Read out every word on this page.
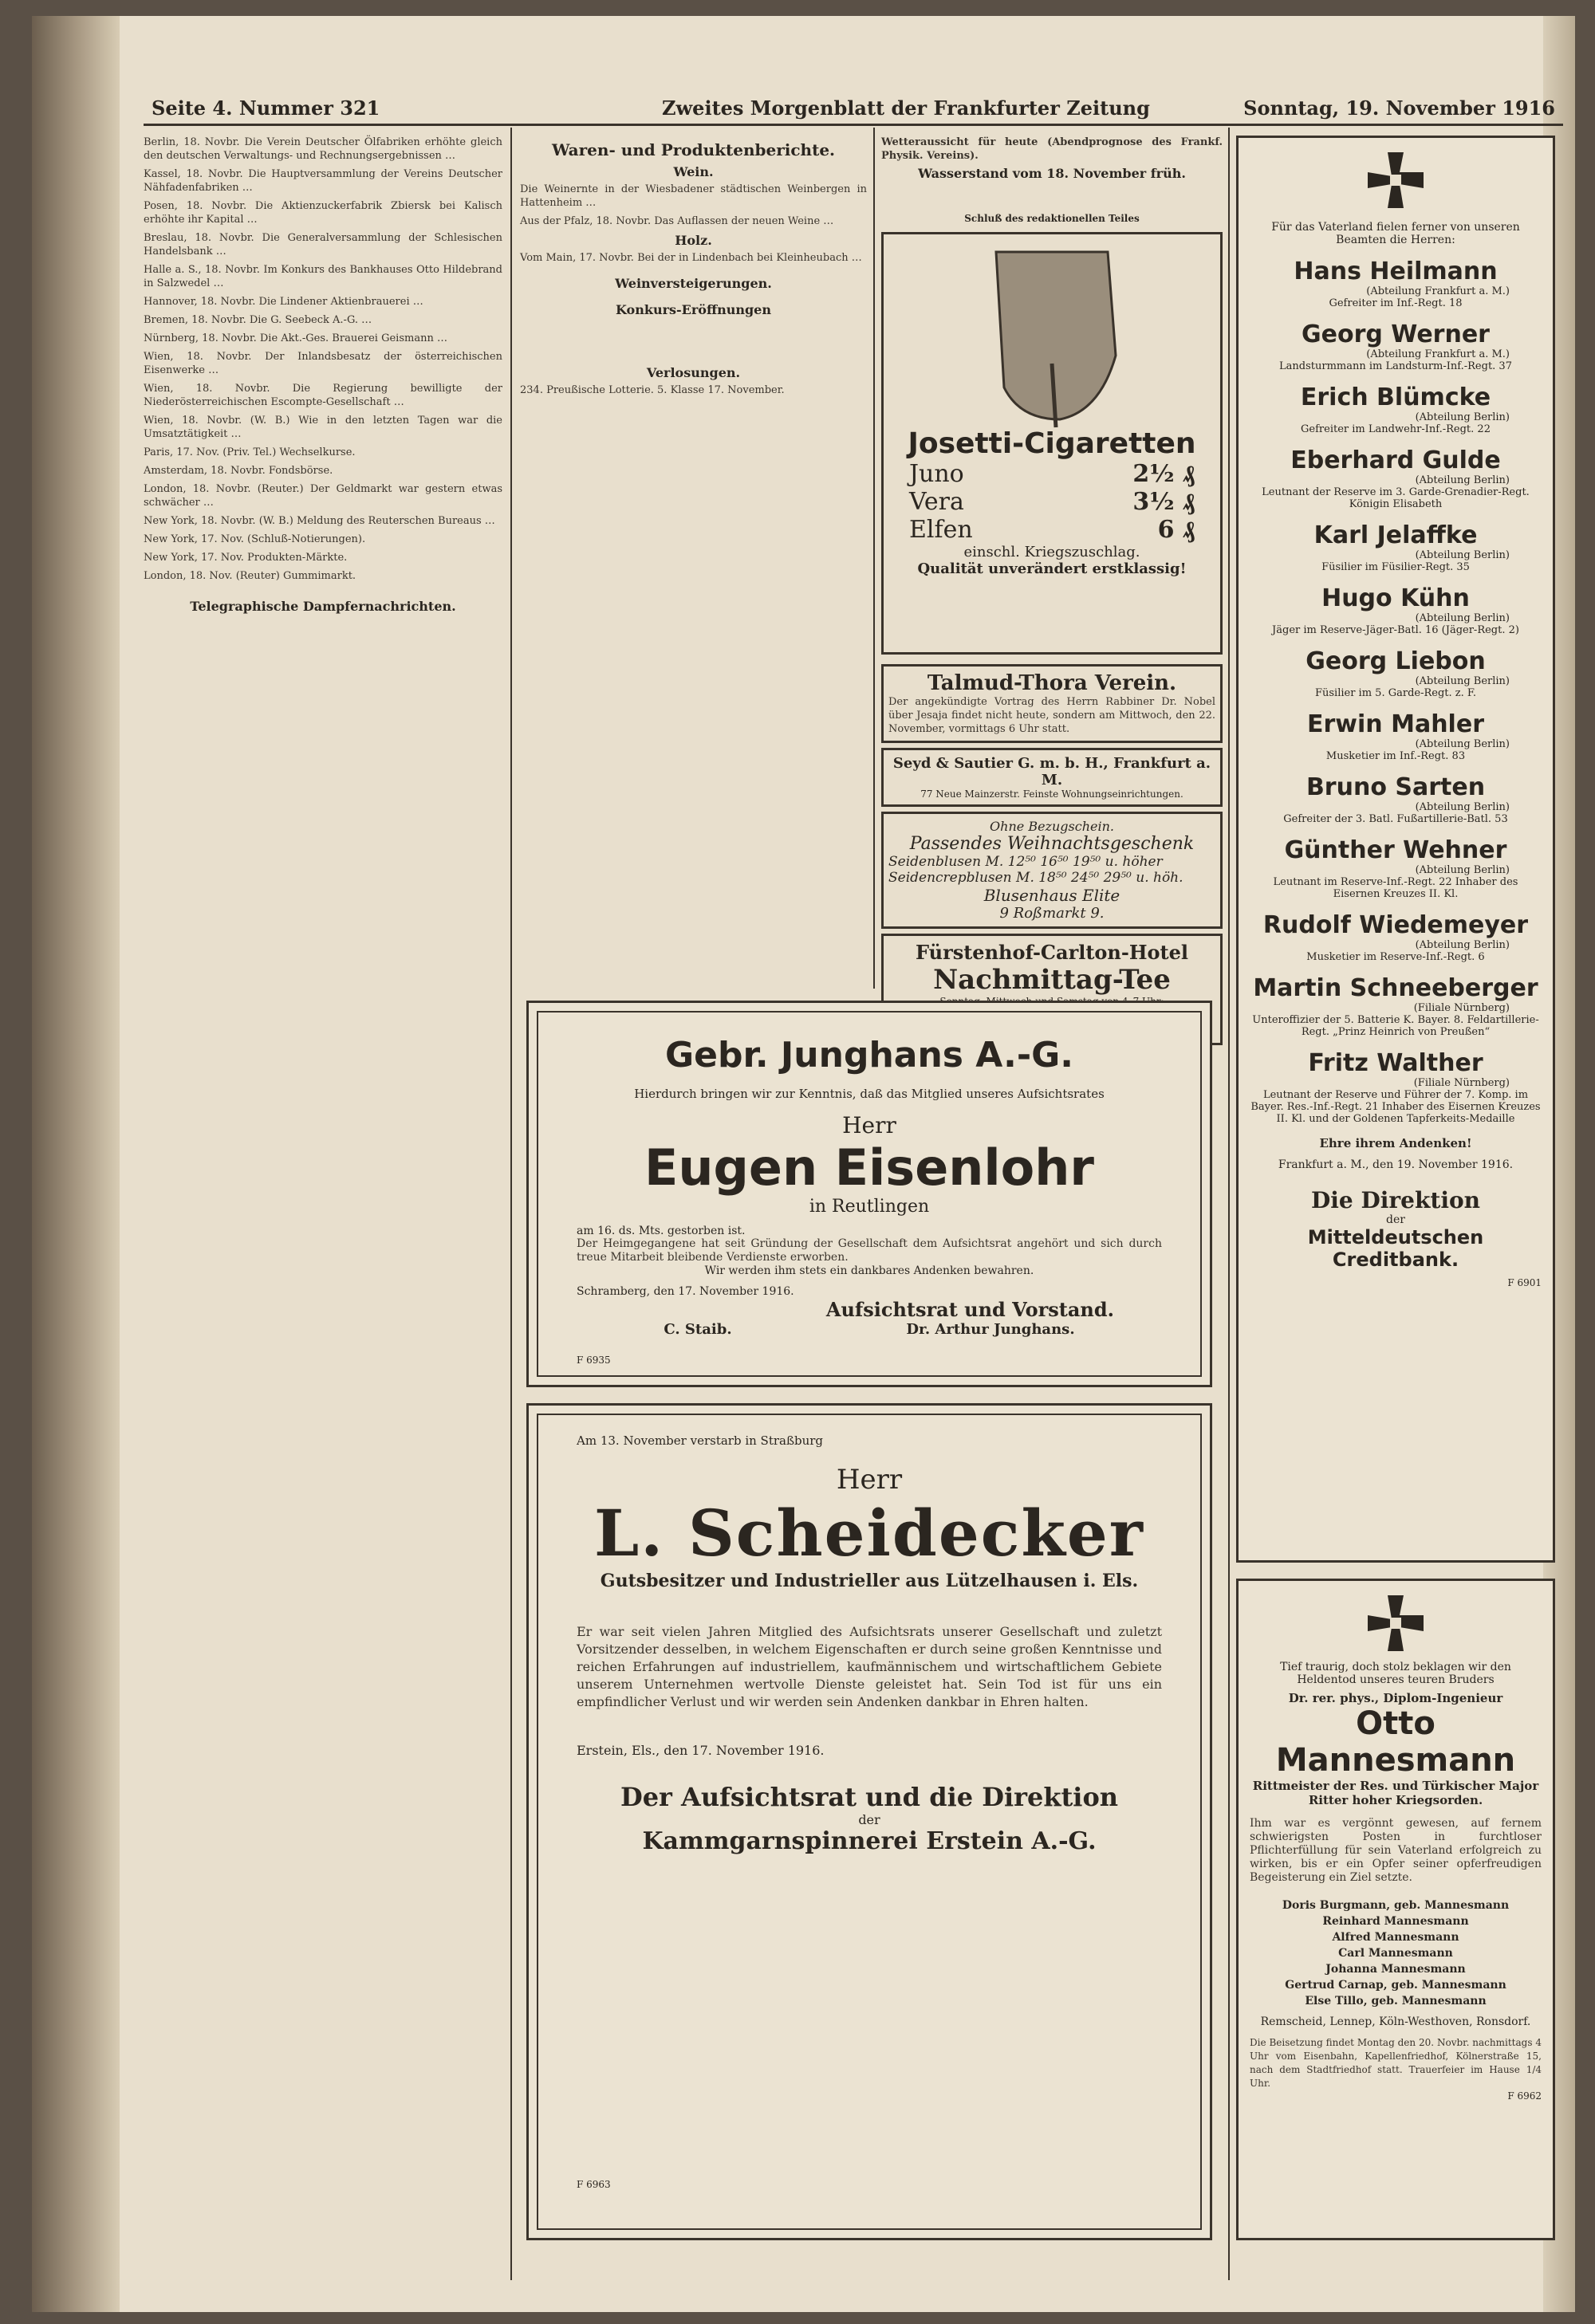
Seite 4. Nummer 321	Zweites Morgenblatt der Frankfurter Zeitung	Sonntag, 19. November 1916

Berlin, 18. Novbr. Die Verein Deutscher Ölfabriken erhöhte gleich den deutschen Verwaltungs- und Rechnungsergebnissen …

Kassel, 18. Novbr. Die Hauptversammlung der Vereins Deutscher Nähfadenfabriken …

Posen, 18. Novbr. Die Aktienzuckerfabrik Zbiersk bei Kalisch erhöhte ihr Kapital …

Breslau, 18. Novbr. Die Generalversammlung der Schlesischen Handelsbank …

Halle a. S., 18. Novbr. Im Konkurs des Bankhauses Otto Hildebrand in Salzwedel …

Hannover, 18. Novbr. Die Lindener Aktienbrauerei …

Bremen, 18. Novbr. Die G. Seebeck A.-G. …

Nürnberg, 18. Novbr. Die Akt.-Ges. Brauerei Geismann …

Wien, 18. Novbr. Der Inlandsbesatz der österreichischen Eisenwerke …

Wien, 18. Novbr. Die Regierung bewilligte der Niederösterreichischen Escompte-Gesellschaft …

Wien, 18. Novbr. (W. B.) Wie in den letzten Tagen war die Umsatztätigkeit …

Paris, 17. Nov. (Priv. Tel.) Wechselkurse.

Amsterdam, 18. Novbr. Fondsbörse.

London, 18. Novbr. (Reuter.) Der Geldmarkt war gestern etwas schwächer …

New York, 18. Novbr. (W. B.) Meldung des Reuterschen Bureaus …

New York, 17. Nov. (Schluß-Notierungen).

New York, 17. Nov. Produkten-Märkte.

London, 18. Nov. (Reuter) Gummimarkt.

Telegraphische Dampfernachrichten.
Waren- und Produktenberichte.
Wein.

Die Weinernte in der Wiesbadener städtischen Weinbergen in Hattenheim …

Aus der Pfalz, 18. Novbr. Das Auflassen der neuen Weine …

Holz.

Vom Main, 17. Novbr. Bei der in Lindenbach bei Kleinheubach …

Weinversteigerungen.
Konkurs-Eröffnungen
Verlosungen.
234. Preußische Lotterie. 5. Klasse 17. November.
Wetteraussicht für heute (Abendprognose des Frankf. Physik. Vereins).
Wasserstand vom 18. November früh.
Schluß des redaktionellen Teiles
Josetti-Cigaretten
Juno	2½ ₰
Vera	3½ ₰
Elfen	6 ₰
einschl. Kriegszuschlag.
Qualität unverändert erstklassig!
Talmud-Thora Verein.
Der angekündigte Vortrag des Herrn Rabbiner Dr. Nobel über Jesaja findet nicht heute, sondern am Mittwoch, den 22. November, vormittags 6 Uhr statt.
Seyd & Sautier G. m. b. H., Frankfurt a. M.
77 Neue Mainzerstr. Feinste Wohnungseinrichtungen.
Ohne Bezugschein.
Passendes Weihnachtsgeschenk
Seidenblusen M. 12⁵⁰ 16⁵⁰ 19⁵⁰ u. höher
Seidencrepblusen M. 18⁵⁰ 24⁵⁰ 29⁵⁰ u. höh.
Blusenhaus Elite
9 Roßmarkt 9.
Fürstenhof-Carlton-Hotel
Nachmittag-Tee
Gebr. Junghans A.-G.
Hierdurch bringen wir zur Kenntnis, daß das Mitglied unseres Aufsichtsrates
Herr
Eugen Eisenlohr
in Reutlingen
am 16. ds. Mts. gestorben ist.
Der Heimgegangene hat seit Gründung der Gesellschaft dem Aufsichtsrat angehört und sich durch treue Mitarbeit bleibende Verdienste erworben.
Wir werden ihm stets ein dankbares Andenken bewahren.
Schramberg, den 17. November 1916.
Aufsichtsrat und Vorstand.
C. Staib.	Dr. Arthur Junghans.
F 6935
Am 13. November verstarb in Straßburg
Herr
L. Scheidecker
Gutsbesitzer und Industrieller aus Lützelhausen i. Els.
Er war seit vielen Jahren Mitglied des Aufsichtsrats unserer Gesellschaft und zuletzt Vorsitzender desselben, in welchem Eigenschaften er durch seine großen Kenntnisse und reichen Erfahrungen auf industriellem, kaufmännischem und wirtschaftlichem Gebiete unserem Unternehmen wertvolle Dienste geleistet hat. Sein Tod ist für uns ein empfindlicher Verlust und wir werden sein Andenken dankbar in Ehren halten.
Erstein, Els., den 17. November 1916.
Der Aufsichtsrat und die Direktion
der
Kammgarnspinnerei Erstein A.-G.
F 6963
Für das Vaterland fielen ferner von unseren Beamten die Herren:
Hans Heilmann
(Abteilung Frankfurt a. M.)
Gefreiter im Inf.-Regt. 18
Georg Werner
(Abteilung Frankfurt a. M.)
Landsturmmann im Landsturm-Inf.-Regt. 37
Erich Blümcke
(Abteilung Berlin)
Gefreiter im Landwehr-Inf.-Regt. 22
Eberhard Gulde
(Abteilung Berlin)
Leutnant der Reserve im 3. Garde-Grenadier-Regt. Königin Elisabeth
Karl Jelaffke
(Abteilung Berlin)
Füsilier im Füsilier-Regt. 35
Hugo Kühn
(Abteilung Berlin)
Jäger im Reserve-Jäger-Batl. 16 (Jäger-Regt. 2)
Georg Liebon
(Abteilung Berlin)
Füsilier im 5. Garde-Regt. z. F.
Erwin Mahler
(Abteilung Berlin)
Musketier im Inf.-Regt. 83
Bruno Sarten
(Abteilung Berlin)
Gefreiter der 3. Batl. Fußartillerie-Batl. 53
Günther Wehner
(Abteilung Berlin)
Leutnant im Reserve-Inf.-Regt. 22 Inhaber des Eisernen Kreuzes II. Kl.
Rudolf Wiedemeyer
(Abteilung Berlin)
Musketier im Reserve-Inf.-Regt. 6
Martin Schneeberger
(Filiale Nürnberg)
Unteroffizier der 5. Batterie K. Bayer. 8. Feldartillerie-Regt. „Prinz Heinrich von Preußen“
Fritz Walther
(Filiale Nürnberg)
Leutnant der Reserve und Führer der 7. Komp. im Bayer. Res.-Inf.-Regt. 21 Inhaber des Eisernen Kreuzes II. Kl. und der Goldenen Tapferkeits-Medaille
Ehre ihrem Andenken!
Frankfurt a. M., den 19. November 1916.
Die Direktion
der
Mitteldeutschen Creditbank.
F 6901
Tief traurig, doch stolz beklagen wir den Heldentod unseres teuren Bruders
Dr. rer. phys., Diplom-Ingenieur
Otto Mannesmann
Rittmeister der Res. und Türkischer Major Ritter hoher Kriegsorden.
Ihm war es vergönnt gewesen, auf fernem schwierigsten Posten in furchtloser Pflichterfüllung für sein Vaterland erfolgreich zu wirken, bis er ein Opfer seiner opferfreudigen Begeisterung ein Ziel setzte.
Doris Burgmann, geb. Mannesmann
Reinhard Mannesmann
Alfred Mannesmann
Carl Mannesmann
Johanna Mannesmann
Gertrud Carnap, geb. Mannesmann
Else Tillo, geb. Mannesmann
Remscheid, Lennep, Köln-Westhoven, Ronsdorf.
Die Beisetzung findet Montag den 20. Novbr. nachmittags 4 Uhr vom Eisenbahn, Kapellenfriedhof, Kölnerstraße 15, nach dem Stadtfriedhof statt. Trauerfeier im Hause 1/4 Uhr.
F 6962
